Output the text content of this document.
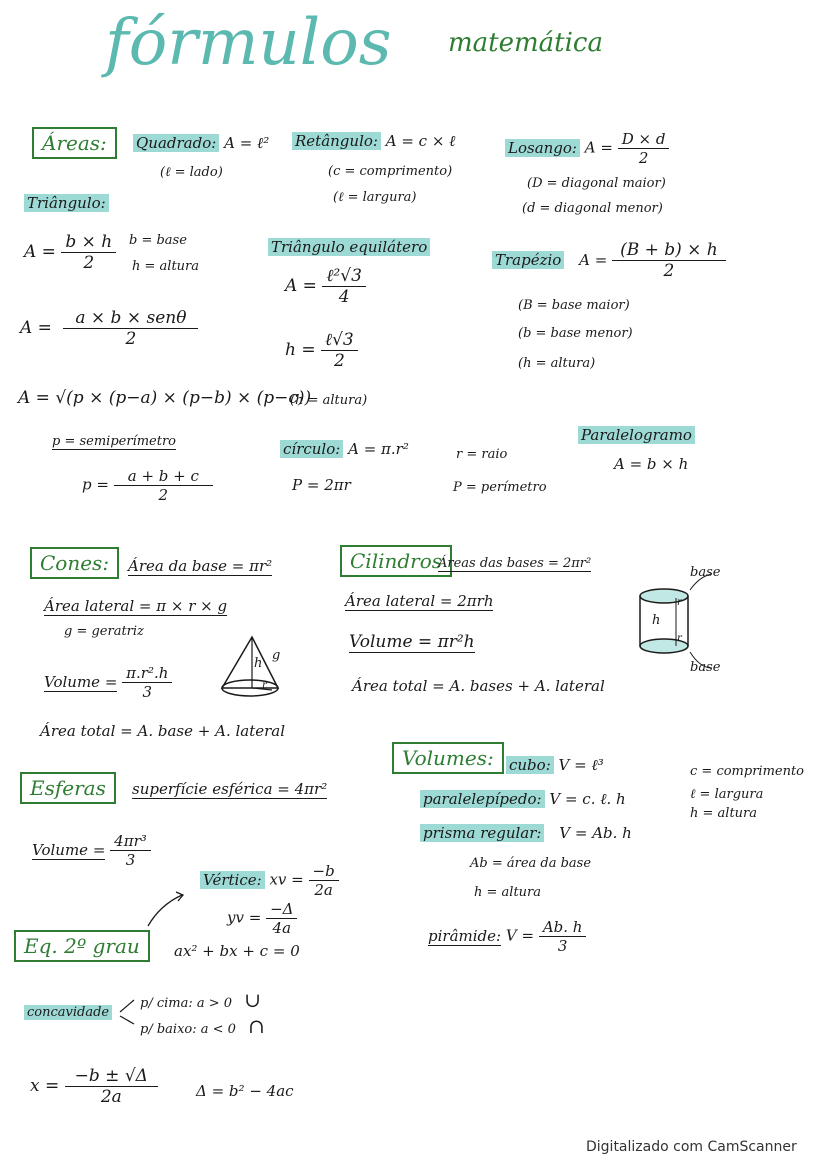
fórmulos matemática
Áreas:	Quadrado: A = ℓ²
(ℓ = lado)
Retângulo: A = c × ℓ
(c = comprimento)
(ℓ = largura)
Losango: $A = \frac{D \times d}{2}$
(D = diagonal maior)
(d = diagonal menor)
Triângulo:
$A = \frac{b \times h}{2}$ b = base
h = altura
$A = \frac{\text{a × b × senθ}}{2}$
A = √(p × (p−a) × (p−b) × (p−c))
p = semiperímetro
$p = \frac{a + b + c}{2}$
Triângulo equilátero
$A = \frac{\text{ℓ²√3}}{4}$
$h = \frac{\text{ℓ√3}}{2}$
(h = altura)
Trapézio $A = \frac{(B + b) \times h}{2}$
(B = base maior)
(b = base menor)
(h = altura)
círculo: A = π.r²
P = 2πr
r = raio
P = perímetro
Paralelogramo
A = b × h
Cones:	Área da base = πr²
Área lateral = π × r × g
g = geratriz
Volume = $\frac{\text{π.r².h}}{3}$
Área total = A. base + A. lateral
h
g
r
Cilindros
Áreas das bases = 2πr²
Área lateral = 2πrh
Volume = πr²h
Área total = A. bases + A. lateral
base
base
h
r
r
Esferas	superfície esférica = 4πr²
Volume = $\frac{\text{4πr³}}{3}$
Volumes:	cubo: V = ℓ³
paralelepípedo: V = c. ℓ. h
c = comprimento
ℓ = largura
h = altura
prisma regular: V = Ab. h
Ab = área da base
h = altura
pirâmide: $V = \frac{Ab. h}{3}$
Vértice: xv = $\frac{-b}{2a}$
yv = $\frac{-\Delta}{4a}$
Eq. 2º grau	ax² + bx + c = 0
concavidade
p/ cima: a > 0 ∪
p/ baixo: a < 0 ∩
$x = \frac{-b \pm √\Delta}{2a}$	Δ = b² − 4ac
Digitalizado com CamScanner
